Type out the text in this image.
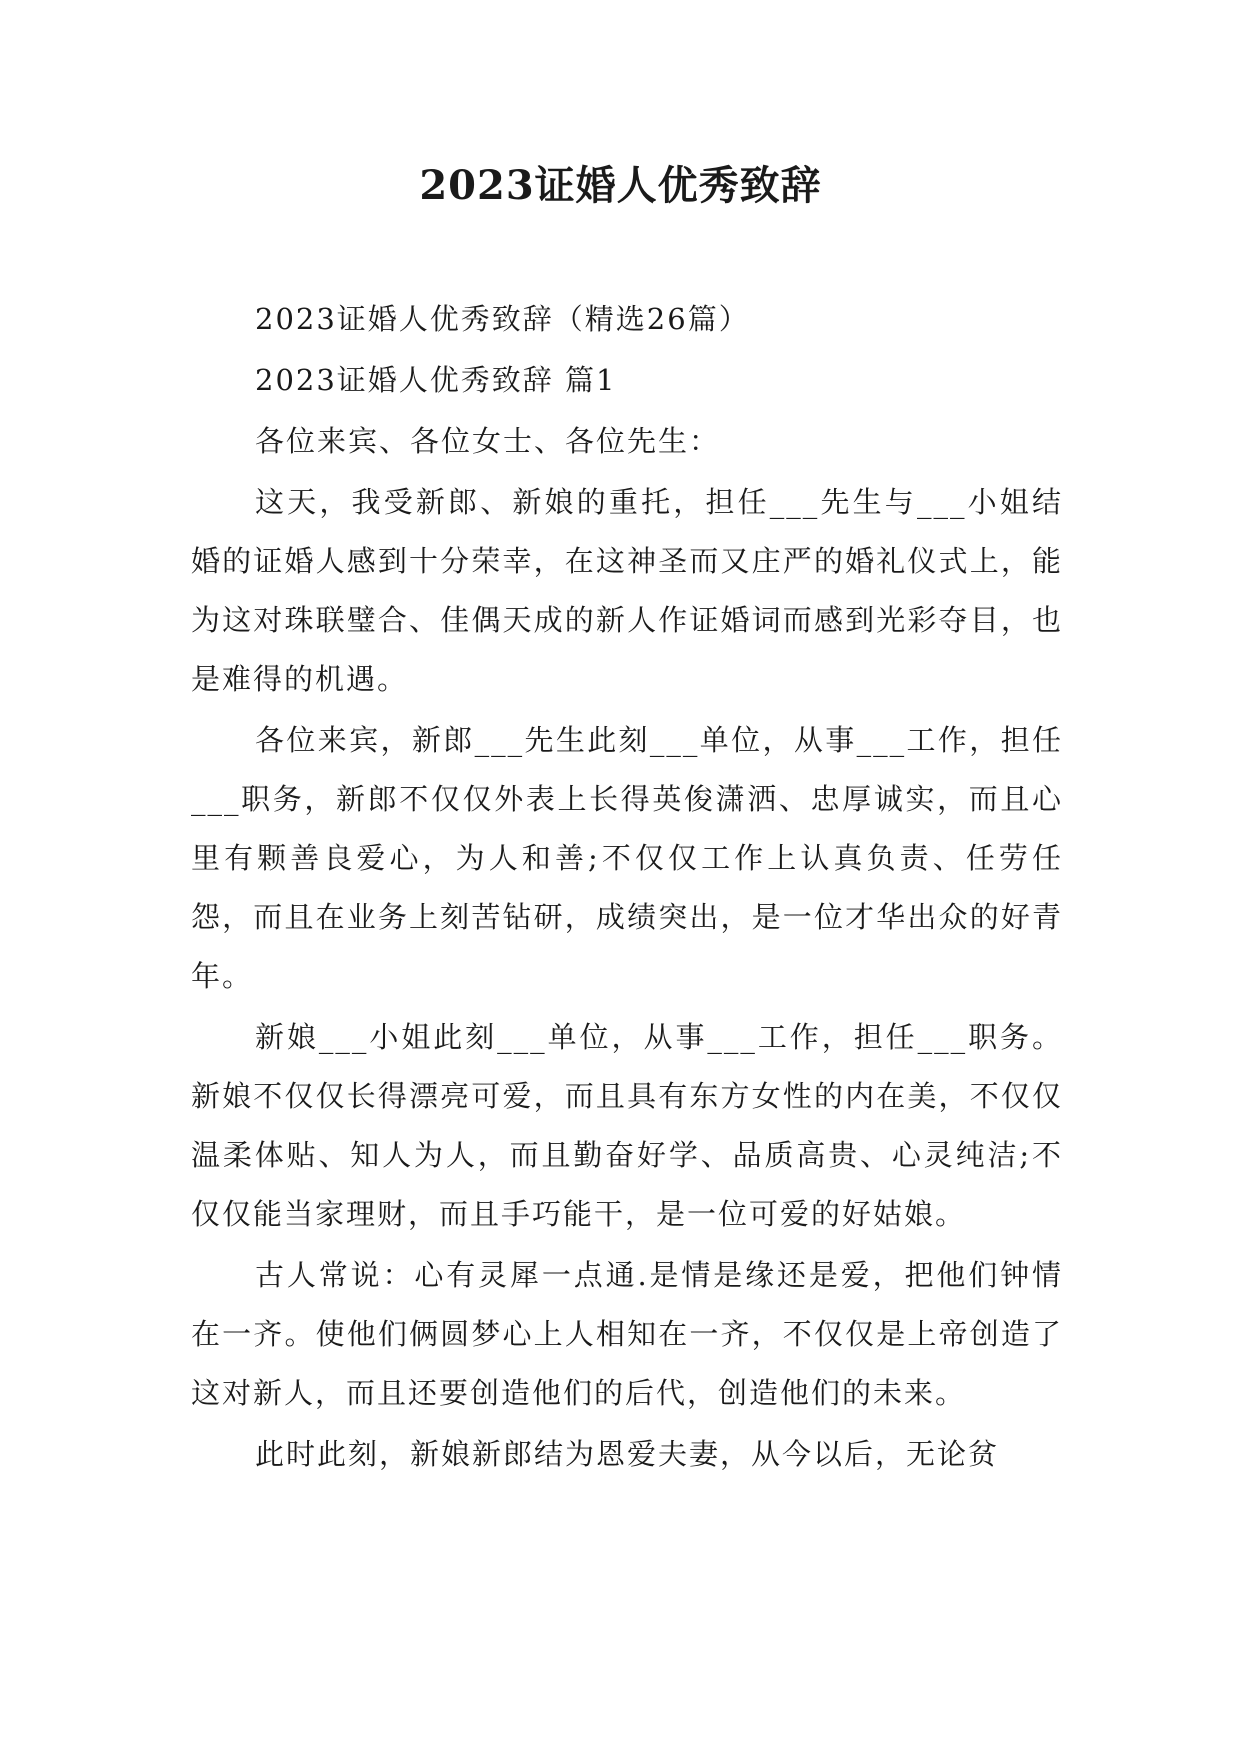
2023证婚人优秀致辞

2023证婚人优秀致辞（精选26篇）

2023证婚人优秀致辞 篇1

各位来宾、各位女士、各位先生：

这天，我受新郎、新娘的重托，担任___先生与___小姐结婚的证婚人感到十分荣幸，在这神圣而又庄严的婚礼仪式上，能为这对珠联璧合、佳偶天成的新人作证婚词而感到光彩夺目，也是难得的机遇。

各位来宾，新郎___先生此刻___单位，从事___工作，担任___职务，新郎不仅仅外表上长得英俊潇洒、忠厚诚实，而且心里有颗善良爱心，为人和善;不仅仅工作上认真负责、任劳任怨，而且在业务上刻苦钻研，成绩突出，是一位才华出众的好青年。

新娘___小姐此刻___单位，从事___工作，担任___职务。新娘不仅仅长得漂亮可爱，而且具有东方女性的内在美，不仅仅温柔体贴、知人为人，而且勤奋好学、品质高贵、心灵纯洁;不仅仅能当家理财，而且手巧能干，是一位可爱的好姑娘。

古人常说：心有灵犀一点通.是情是缘还是爱，把他们钟情在一齐。使他们俩圆梦心上人相知在一齐，不仅仅是上帝创造了这对新人，而且还要创造他们的后代，创造他们的未来。

此时此刻，新娘新郎结为恩爱夫妻，从今以后，无论贫
